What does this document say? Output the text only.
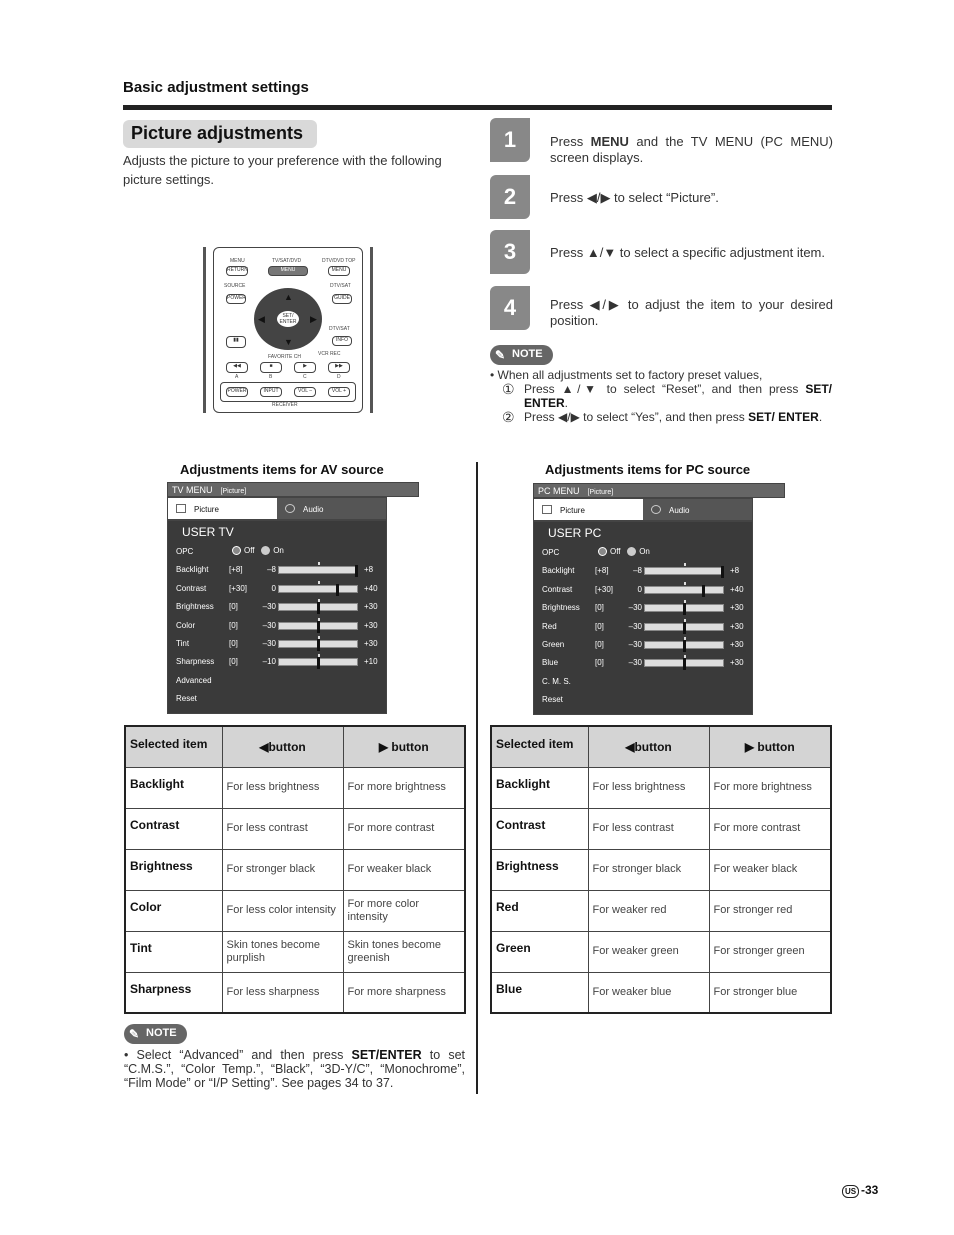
Basic adjustment settings
Picture adjustments
Adjusts the picture to your preference with the following picture settings.
1	Press MENU and the TV MENU (PC MENU) screen displays.
2	Press ◀/▶ to select “Picture”.
3	Press ▲/▼ to select a specific adjustment item.
4	Press ◀/▶ to adjust the item to your desired position.
✎ NOTE
• When all adjustments set to factory preset values,
① Press ▲/▼ to select “Reset”, and then press SET/ ENTER.
② Press ◀/▶ to select “Yes”, and then press SET/ ENTER.
MENU	TV/SAT/DVD	DTV/DVD TOP
RETURN	MENU	MENU
SOURCE	DTV/SAT
POWER	GUIDE
SET/ ENTER
▲
▼
◀	▶
DTV/SAT
▮▮	INFO
FAVORITE CH	VCR REC
◀◀	■	▶	▶▶
A	B	C	D
POWER	INPUT	VOL –	VOL +
RECEIVER
Adjustments items for AV source
TV MENU [Picture]
Picture	Audio
USER TV
OPC	Off On
Backlight	[+8]	–8	+8
Contrast	[+30]	0	+40
Brightness [0]	–30	+30
Color	[0]	–30	+30
Tint	[0]	–30	+30
Sharpness [0]	–10	+10
Advanced
Reset
Adjustments items for PC source
PC MENU [Picture]
Picture	Audio
USER PC
OPC	Off On
Backlight	[+8]	–8	+8
Contrast	[+30]	0	+40
Brightness [0]	–30	+30
Red	[0]	–30	+30
Green	[0]	–30	+30
Blue	[0]	–30	+30
C. M. S.
Reset
Selected item	◀button	▶ button
Backlight	For less brightness	For more brightness
Contrast	For less contrast	For more contrast
Brightness	For stronger black	For weaker black
Color	For less color intensity	For more color intensity
Tint	Skin tones become purplish	Skin tones become greenish
Sharpness	For less sharpness	For more sharpness
Selected item	◀button	▶ button
Backlight	For less brightness	For more brightness
Contrast	For less contrast	For more contrast
Brightness	For stronger black	For weaker black
Red	For weaker red	For stronger red
Green	For weaker green	For stronger green
Blue	For weaker blue	For stronger blue
✎ NOTE
• Select “Advanced” and then press SET/ENTER to set “C.M.S.”, “Color Temp.”, “Black”, “3D-Y/C”, “Monochrome”, “Film Mode” or “I/P Setting”. See pages 34 to 37.
US -33
